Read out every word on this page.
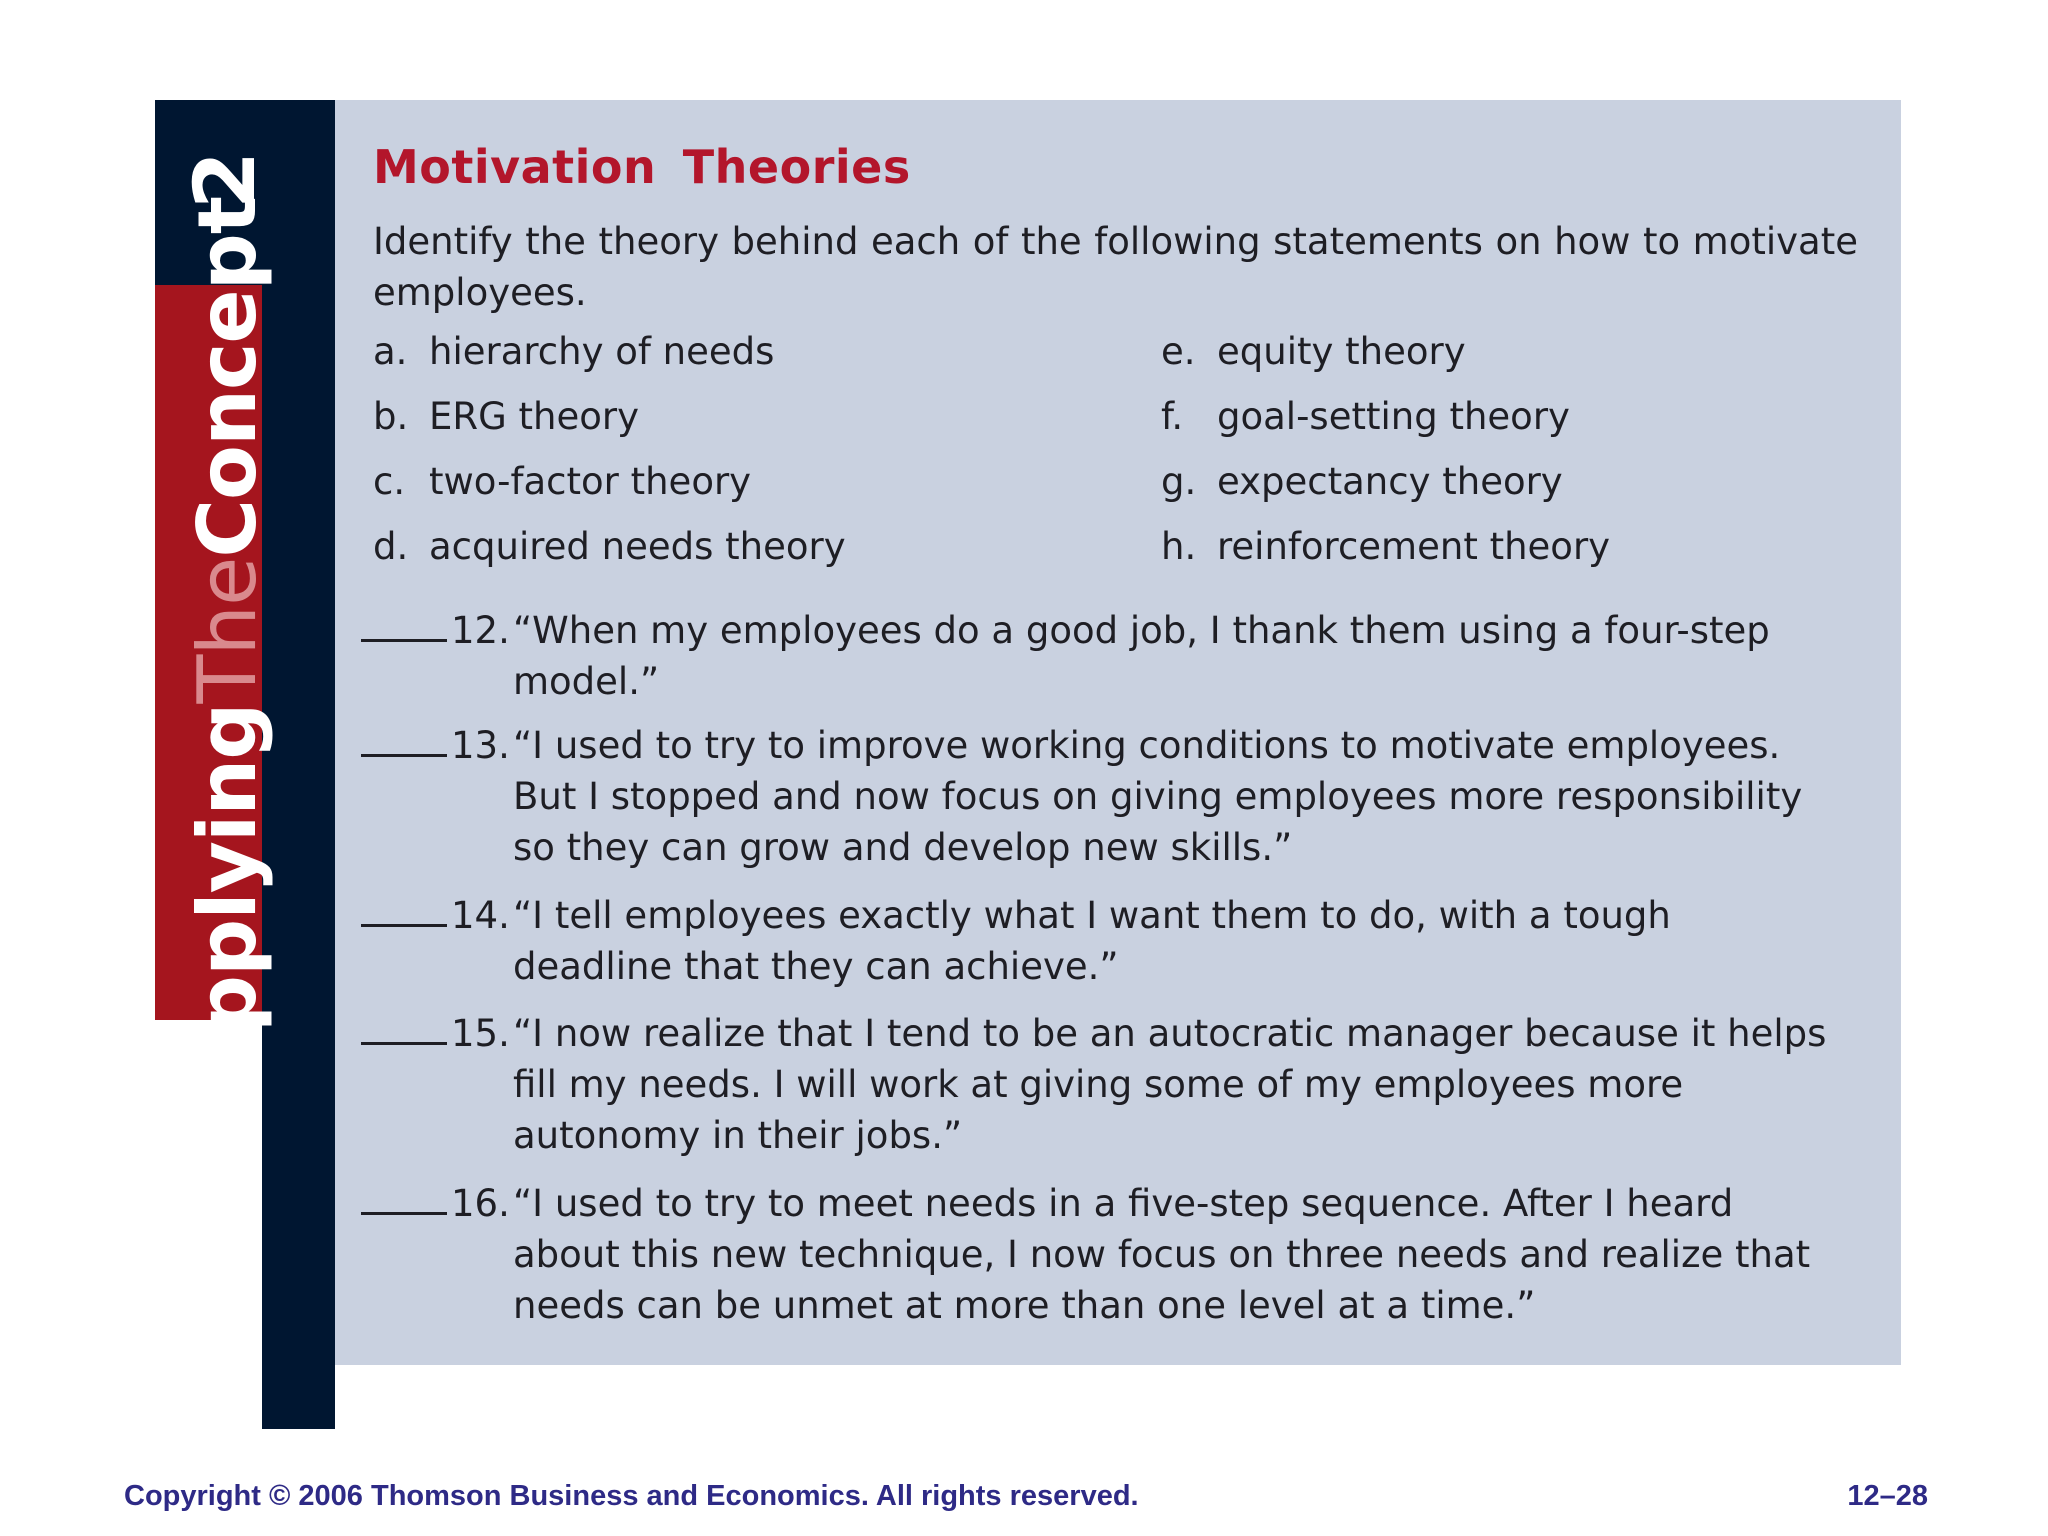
2
ApplyingTheConcept
Motivation Theories
Identify the theory behind each of the following statements on how to motivate employees.
a. hierarchy of needs
b. ERG theory
c. two-factor theory
d. acquired needs theory
e. equity theory
f. goal-setting theory
g. expectancy theory
h. reinforcement theory
12. “When my employees do a good job, I thank them using a four-step model.”
13. “I used to try to improve working conditions to motivate employees. But I stopped and now focus on giving employees more responsibility so they can grow and develop new skills.”
14. “I tell employees exactly what I want them to do, with a tough deadline that they can achieve.”
15. “I now realize that I tend to be an autocratic manager because it helps fill my needs. I will work at giving some of my employees more autonomy in their jobs.”
16. “I used to try to meet needs in a five-step sequence. After I heard about this new technique, I now focus on three needs and realize that needs can be unmet at more than one level at a time.”
Copyright © 2006 Thomson Business and Economics. All rights reserved.	12–28
